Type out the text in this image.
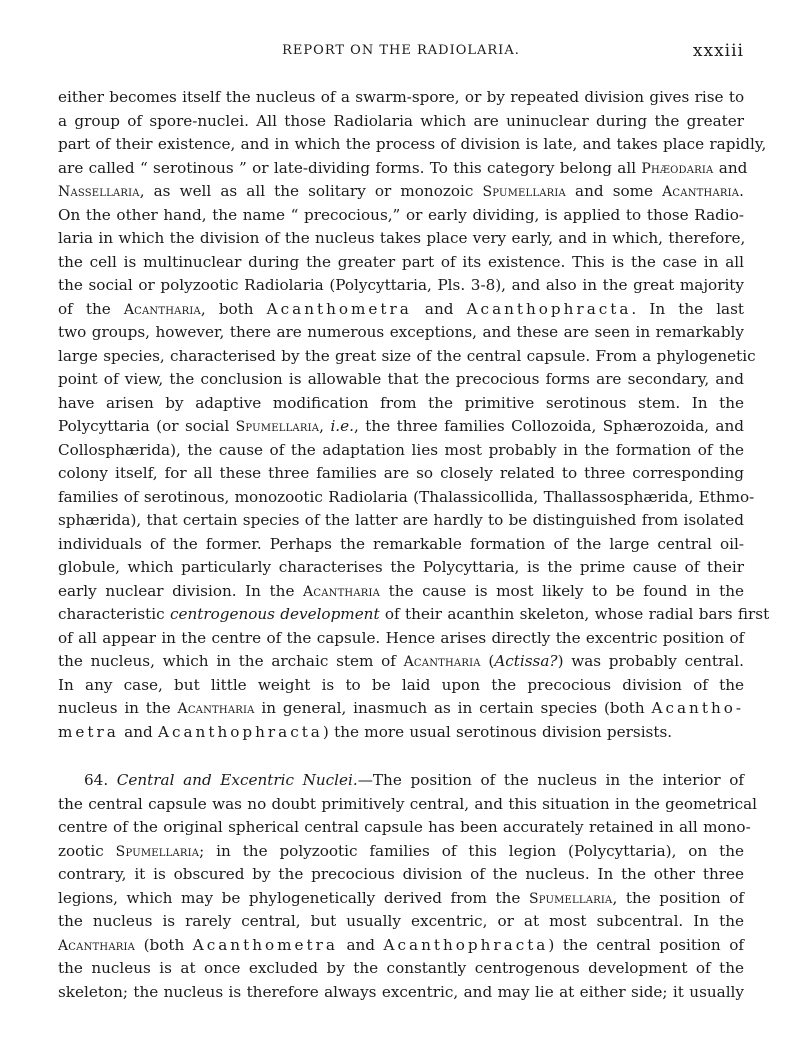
REPORT ON THE RADIOLARIA.	xxxiii
either becomes itself the nucleus of a swarm-spore, or by repeated division gives rise to
a group of spore-nuclei. All those Radiolaria which are uninuclear during the greater
part of their existence, and in which the process of division is late, and takes place rapidly,
are called “ serotinous ” or late-dividing forms. To this category belong all Phæodaria and
Nassellaria, as well as all the solitary or monozoic Spumellaria and some Acantharia.
On the other hand, the name “ precocious,” or early dividing, is applied to those Radio-
laria in which the division of the nucleus takes place very early, and in which, therefore,
the cell is multinuclear during the greater part of its existence. This is the case in all
the social or polyzootic Radiolaria (Polycyttaria, Pls. 3-8), and also in the great majority
of the Acantharia, both Acanthometra and Acanthophracta. In the last
two groups, however, there are numerous exceptions, and these are seen in remarkably
large species, characterised by the great size of the central capsule. From a phylogenetic
point of view, the conclusion is allowable that the precocious forms are secondary, and
have arisen by adaptive modification from the primitive serotinous stem. In the
Polycyttaria (or social Spumellaria, i.e., the three families Collozoida, Sphærozoida, and
Collosphærida), the cause of the adaptation lies most probably in the formation of the
colony itself, for all these three families are so closely related to three corresponding
families of serotinous, monozootic Radiolaria (Thalassicollida, Thallassosphærida, Ethmo-
sphærida), that certain species of the latter are hardly to be distinguished from isolated
individuals of the former. Perhaps the remarkable formation of the large central oil-
globule, which particularly characterises the Polycyttaria, is the prime cause of their
early nuclear division. In the Acantharia the cause is most likely to be found in the
characteristic centrogenous development of their acanthin skeleton, whose radial bars first
of all appear in the centre of the capsule. Hence arises directly the excentric position of
the nucleus, which in the archaic stem of Acantharia (Actissa?) was probably central.
In any case, but little weight is to be laid upon the precocious division of the
nucleus in the Acantharia in general, inasmuch as in certain species (both Acantho-
metra and Acanthophracta) the more usual serotinous division persists.
64. Central and Excentric Nuclei.—The position of the nucleus in the interior of
the central capsule was no doubt primitively central, and this situation in the geometrical
centre of the original spherical central capsule has been accurately retained in all mono-
zootic Spumellaria; in the polyzootic families of this legion (Polycyttaria), on the
contrary, it is obscured by the precocious division of the nucleus. In the other three
legions, which may be phylogenetically derived from the Spumellaria, the position of
the nucleus is rarely central, but usually excentric, or at most subcentral. In the
Acantharia (both Acanthometra and Acanthophracta) the central position of
the nucleus is at once excluded by the constantly centrogenous development of the
skeleton; the nucleus is therefore always excentric, and may lie at either side; it usually
